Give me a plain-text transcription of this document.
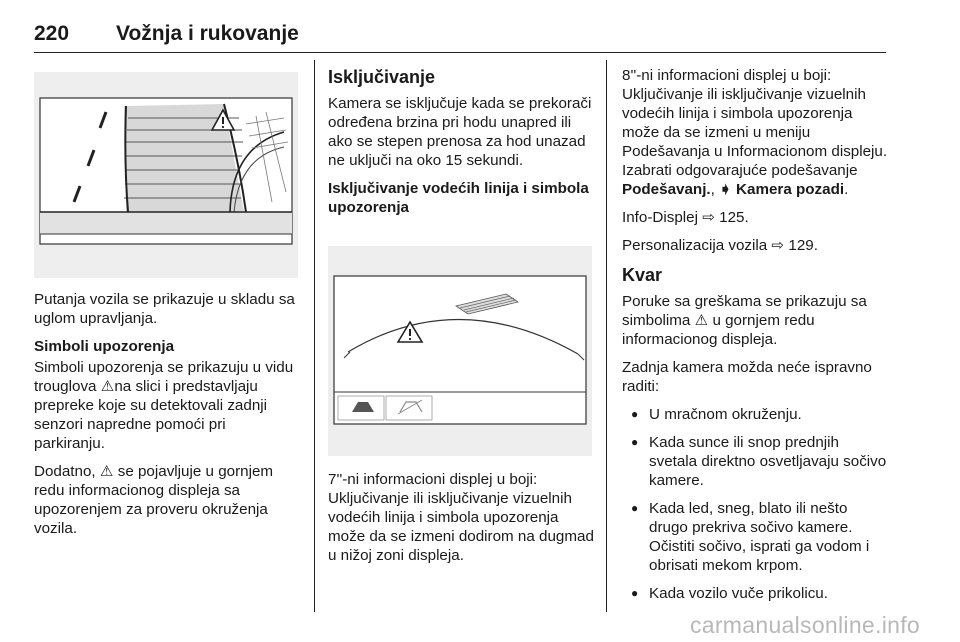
220 Vožnja i rukovanje

Putanja vozila se prikazuje u skladu sa uglom upravljanja.

Simboli upozorenja

Simboli upozorenja se prikazuju u vidu trouglova ⚠na slici i predstavljaju prepreke koje su detektovali zadnji senzori napredne pomoći pri parkiranju.

Dodatno, ⚠ se pojavljuje u gornjem redu informacionog displeja sa upozorenjem za proveru okruženja vozila.

Isključivanje

Kamera se isključuje kada se prekorači određena brzina pri hodu unapred ili ako se stepen prenosa za hod unazad ne uključi na oko 15 sekundi.

Isključivanje vodećih linija i simbola upozorenja

7''-ni informacioni displej u boji: Uključivanje ili isključivanje vizuelnih vodećih linija i simbola upozorenja može da se izmeni dodirom na dugmad u nižoj zoni displeja.

8''-ni informacioni displej u boji: Uključivanje ili isključivanje vizuelnih vodećih linija i simbola upozorenja može da se izmeni u meniju Podešavanja u Informacionom displeju. Izabrati odgovarajuće podešavanje Podešavanj., ➧ Kamera pozadi.

Info-Displej ⇨ 125.

Personalizacija vozila ⇨ 129.

Kvar

Poruke sa greškama se prikazuju sa simbolima ⚠ u gornjem redu informacionog displeja.

Zadnja kamera možda neće ispravno raditi:

● U mračnom okruženju.
● Kada sunce ili snop prednjih svetala direktno osvetljavaju sočivo kamere.
● Kada led, sneg, blato ili nešto drugo prekriva sočivo kamere. Očistiti sočivo, isprati ga vodom i obrisati mekom krpom.
● Kada vozilo vuče prikolicu.
carmanualsonline.info
